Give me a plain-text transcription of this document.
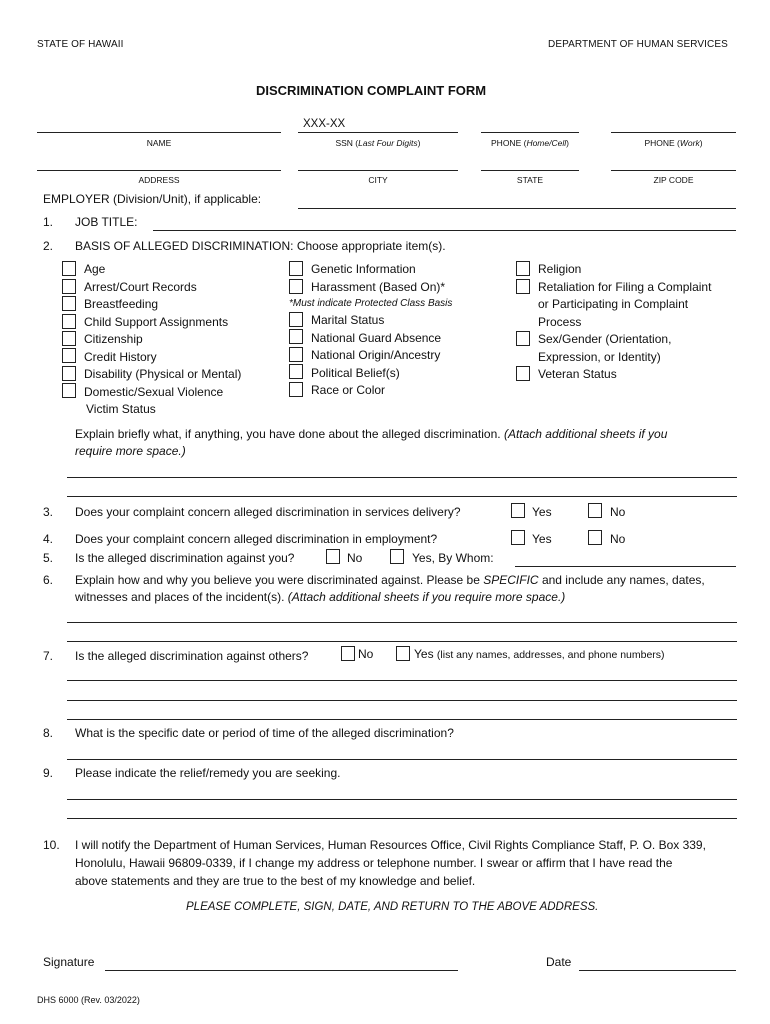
STATE OF HAWAII	DEPARTMENT OF HUMAN SERVICES
DISCRIMINATION COMPLAINT FORM
XXX-XX
NAME	SSN (Last Four Digits)	PHONE (Home/Cell)	PHONE (Work)
ADDRESS	CITY	STATE	ZIP CODE
EMPLOYER (Division/Unit), if applicable:
1. JOB TITLE:
2. BASIS OF ALLEGED DISCRIMINATION: Choose appropriate item(s).
Age
Arrest/Court Records
Breastfeeding
Child Support Assignments
Citizenship
Credit History
Disability (Physical or Mental)
Domestic/Sexual Violence
Victim Status
Genetic Information
Harassment (Based On)*
*Must indicate Protected Class Basis
Marital Status
National Guard Absence
National Origin/Ancestry
Political Belief(s)
Race or Color
Religion
Retaliation for Filing a Complaint
or Participating in Complaint
Process
Sex/Gender (Orientation,
Expression, or Identity)
Veteran Status
Explain briefly what, if anything, you have done about the alleged discrimination. (Attach additional sheets if you
require more space.)
3. Does your complaint concern alleged discrimination in services delivery?	Yes	No
4. Does your complaint concern alleged discrimination in employment?	Yes	No
5. Is the alleged discrimination against you?	No	Yes, By Whom:
6. Explain how and why you believe you were discriminated against. Please be SPECIFIC and include any names, dates,
witnesses and places of the incident(s). (Attach additional sheets if you require more space.)
7. Is the alleged discrimination against others?	No	Yes (list any names, addresses, and phone numbers)
8. What is the specific date or period of time of the alleged discrimination?
9. Please indicate the relief/remedy you are seeking.
10. I will notify the Department of Human Services, Human Resources Office, Civil Rights Compliance Staff, P. O. Box 339,
Honolulu, Hawaii 96809-0339, if I change my address or telephone number. I swear or affirm that I have read the
above statements and they are true to the best of my knowledge and belief.
PLEASE COMPLETE, SIGN, DATE, AND RETURN TO THE ABOVE ADDRESS.
Signature	Date
DHS 6000 (Rev. 03/2022)
